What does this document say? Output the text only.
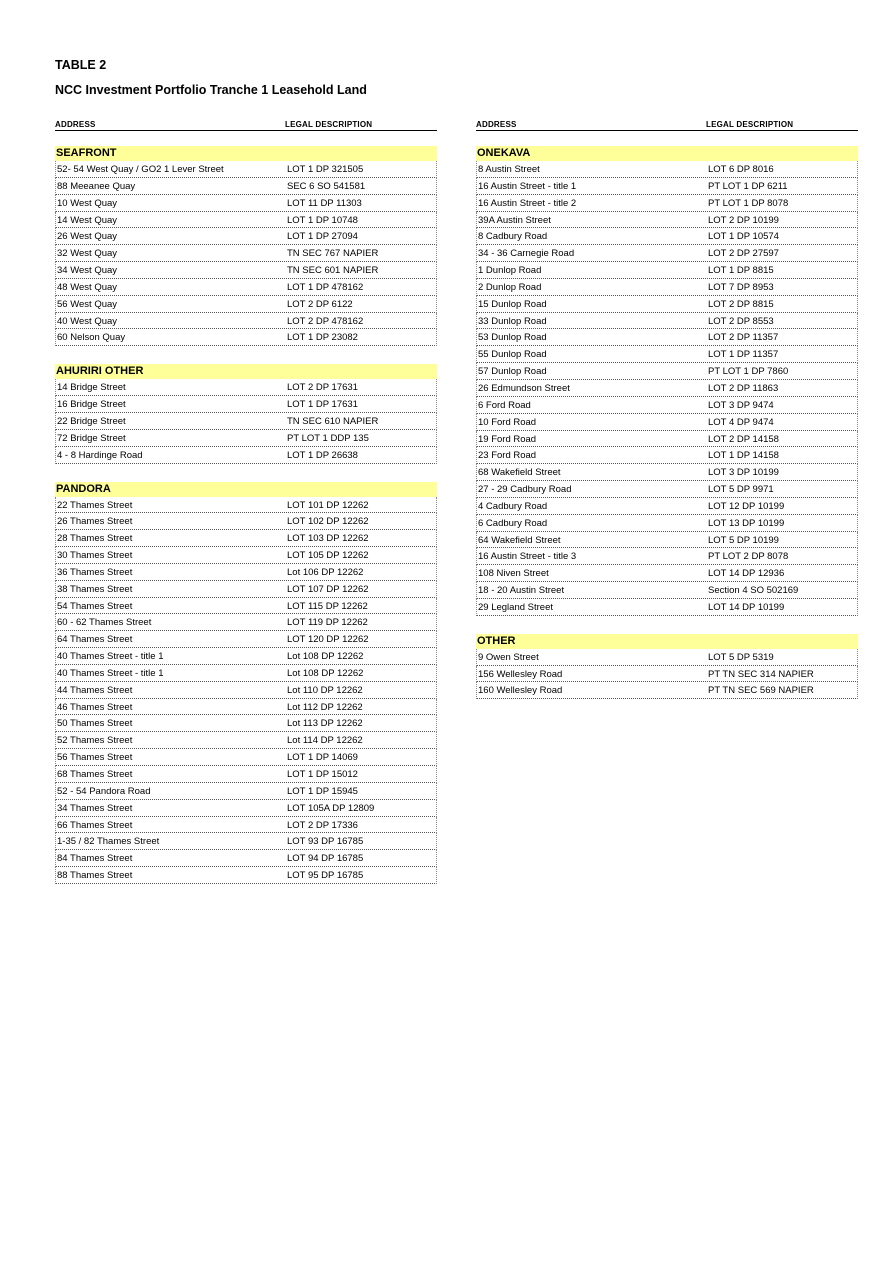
TABLE 2
NCC Investment Portfolio Tranche 1 Leasehold Land
ADDRESS	LEGAL DESCRIPTION	ADDRESS	LEGAL DESCRIPTION
SEAFRONT
52- 54 West Quay / GO2 1 Lever Street	LOT 1 DP 321505
88 Meeanee Quay	SEC 6 SO 541581
10 West Quay	LOT 11 DP 11303
14 West Quay	LOT 1 DP 10748
26 West Quay	LOT 1 DP 27094
32 West Quay	TN SEC 767 NAPIER
34 West Quay	TN SEC 601 NAPIER
48 West Quay	LOT 1 DP 478162
56 West Quay	LOT 2 DP 6122
40 West Quay	LOT 2 DP 478162
60 Nelson Quay	LOT 1 DP 23082
AHURIRI OTHER
14 Bridge Street	LOT 2 DP 17631
16 Bridge Street	LOT 1 DP 17631
22 Bridge Street	TN SEC 610 NAPIER
72 Bridge Street	PT LOT 1 DDP 135
4 - 8 Hardinge Road	LOT 1 DP 26638
PANDORA
22 Thames Street	LOT 101 DP 12262
26 Thames Street	LOT 102 DP 12262
28 Thames Street	LOT 103 DP 12262
30 Thames Street	LOT 105 DP 12262
36 Thames Street	Lot 106 DP 12262
38 Thames Street	LOT 107 DP 12262
54 Thames Street	LOT 115 DP 12262
60 - 62 Thames Street	LOT 119 DP 12262
64 Thames Street	LOT 120 DP 12262
40 Thames Street - title 1	Lot 108 DP 12262
40 Thames Street - title 1	Lot 108 DP 12262
44 Thames Street	Lot 110 DP 12262
46 Thames Street	Lot 112 DP 12262
50 Thames Street	Lot 113 DP 12262
52 Thames Street	Lot 114 DP 12262
56 Thames Street	LOT 1 DP 14069
68 Thames Street	LOT 1 DP 15012
52 - 54 Pandora Road	LOT 1 DP 15945
34 Thames Street	LOT 105A DP 12809
66 Thames Street	LOT 2 DP 17336
1-35 / 82 Thames Street	LOT 93 DP 16785
84 Thames Street	LOT 94 DP 16785
88 Thames Street	LOT 95 DP 16785
ONEKAVA
8 Austin Street	LOT 6 DP 8016
16 Austin Street - title 1	PT LOT 1 DP 6211
16 Austin Street - title 2	PT LOT 1 DP 8078
39A Austin Street	LOT 2 DP 10199
8 Cadbury Road	LOT 1 DP 10574
34 - 36 Carnegie Road	LOT 2 DP 27597
1 Dunlop Road	LOT 1 DP 8815
2 Dunlop Road	LOT 7 DP 8953
15 Dunlop Road	LOT 2 DP 8815
33 Dunlop Road	LOT 2 DP 8553
53 Dunlop Road	LOT 2 DP 11357
55 Dunlop Road	LOT 1 DP 11357
57 Dunlop Road	PT LOT 1 DP 7860
26 Edmundson Street	LOT 2 DP 11863
6 Ford Road	LOT 3 DP 9474
10 Ford Road	LOT 4 DP 9474
19 Ford Road	LOT 2 DP 14158
23 Ford Road	LOT 1 DP 14158
68 Wakefield Street	LOT 3 DP 10199
27 - 29 Cadbury Road	LOT 5 DP 9971
4 Cadbury Road	LOT 12 DP 10199
6 Cadbury Road	LOT 13 DP 10199
64 Wakefield Street	LOT 5 DP 10199
16 Austin Street - title 3	PT LOT 2 DP 8078
108 Niven Street	LOT 14 DP 12936
18 - 20 Austin Street	Section 4 SO 502169
29 Legland Street	LOT 14 DP 10199
OTHER
9 Owen Street	LOT 5 DP 5319
156 Wellesley Road	PT TN SEC 314 NAPIER
160 Wellesley Road	PT TN SEC 569 NAPIER
